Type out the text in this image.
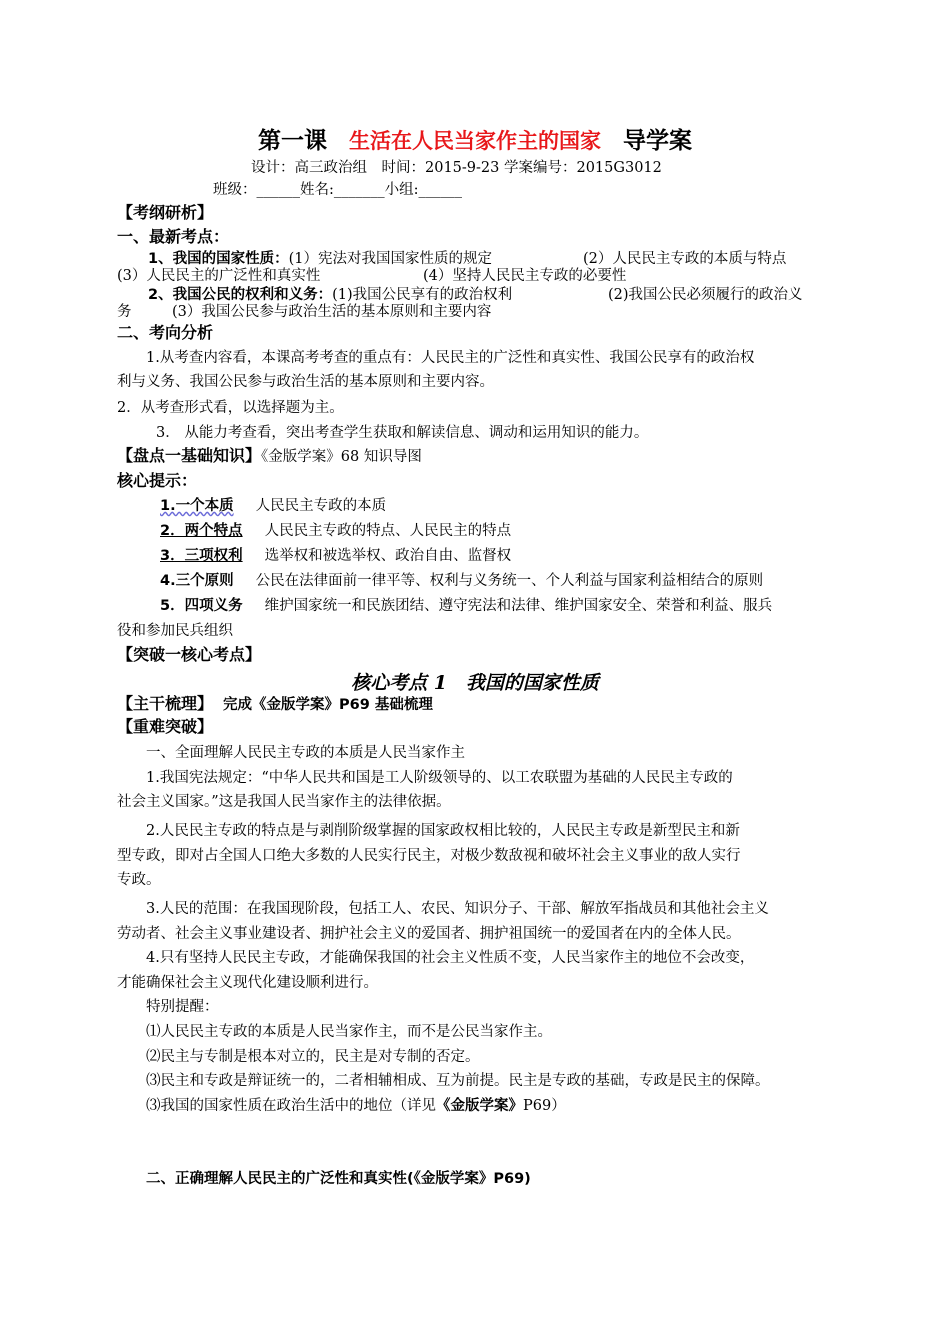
第一课 生活在人民当家作主的国家 导学案
设计：高三政治组　时间：2015-9-23 学案编号：2015G3012
班级：______姓名:_______小组:______
【考纲研析】
一、最新考点：
1、我国的国家性质：(1）宪法对我国国家性质的规定	(2）人民民主专政的本质与特点
(3）人民民主的广泛性和真实性	(4）坚持人民民主专政的必要性
2、我国公民的权利和义务：(1)我国公民享有的政治权利	(2)我国公民必须履行的政治义
务	(3）我国公民参与政治生活的基本原则和主要内容
二、考向分析
1.从考查内容看，本课高考考查的重点有：人民民主的广泛性和真实性、我国公民享有的政治权
利与义务、我国公民参与政治生活的基本原则和主要内容。
2．从考查形式看，以选择题为主。
3． 从能力考查看，突出考查学生获取和解读信息、调动和运用知识的能力。
【盘点一基础知识】《金版学案》68 知识导图
核心提示：
1.一个本质 人民民主专政的本质
2．两个特点 人民民主专政的特点、人民民主的特点
3．三项权利 选举权和被选举权、政治自由、监督权
4.三个原则 公民在法律面前一律平等、权利与义务统一、个人利益与国家利益相结合的原则
5．四项义务 维护国家统一和民族团结、遵守宪法和法律、维护国家安全、荣誉和利益、服兵
役和参加民兵组织
【突破一核心考点】
核心考点 1　我国的国家性质
【主干梳理】 完成《金版学案》P69 基础梳理
【重难突破】
一、全面理解人民民主专政的本质是人民当家作主
1.我国宪法规定：“中华人民共和国是工人阶级领导的、以工农联盟为基础的人民民主专政的
社会主义国家。”这是我国人民当家作主的法律依据。
2.人民民主专政的特点是与剥削阶级掌握的国家政权相比较的，人民民主专政是新型民主和新
型专政，即对占全国人口绝大多数的人民实行民主，对极少数敌视和破坏社会主义事业的敌人实行
专政。
3.人民的范围：在我国现阶段，包括工人、农民、知识分子、干部、解放军指战员和其他社会主义
劳动者、社会主义事业建设者、拥护社会主义的爱国者、拥护祖国统一的爱国者在内的全体人民。
4.只有坚持人民民主专政，才能确保我国的社会主义性质不变，人民当家作主的地位不会改变，
才能确保社会主义现代化建设顺利进行。
特别提醒：
⑴人民民主专政的本质是人民当家作主，而不是公民当家作主。
⑵民主与专制是根本对立的，民主是对专制的否定。
⑶民主和专政是辩证统一的，二者相辅相成、互为前提。民主是专政的基础，专政是民主的保障。
⑶我国的国家性质在政治生活中的地位（详见《金版学案》P69）
二、正确理解人民民主的广泛性和真实性(《金版学案》P69)
